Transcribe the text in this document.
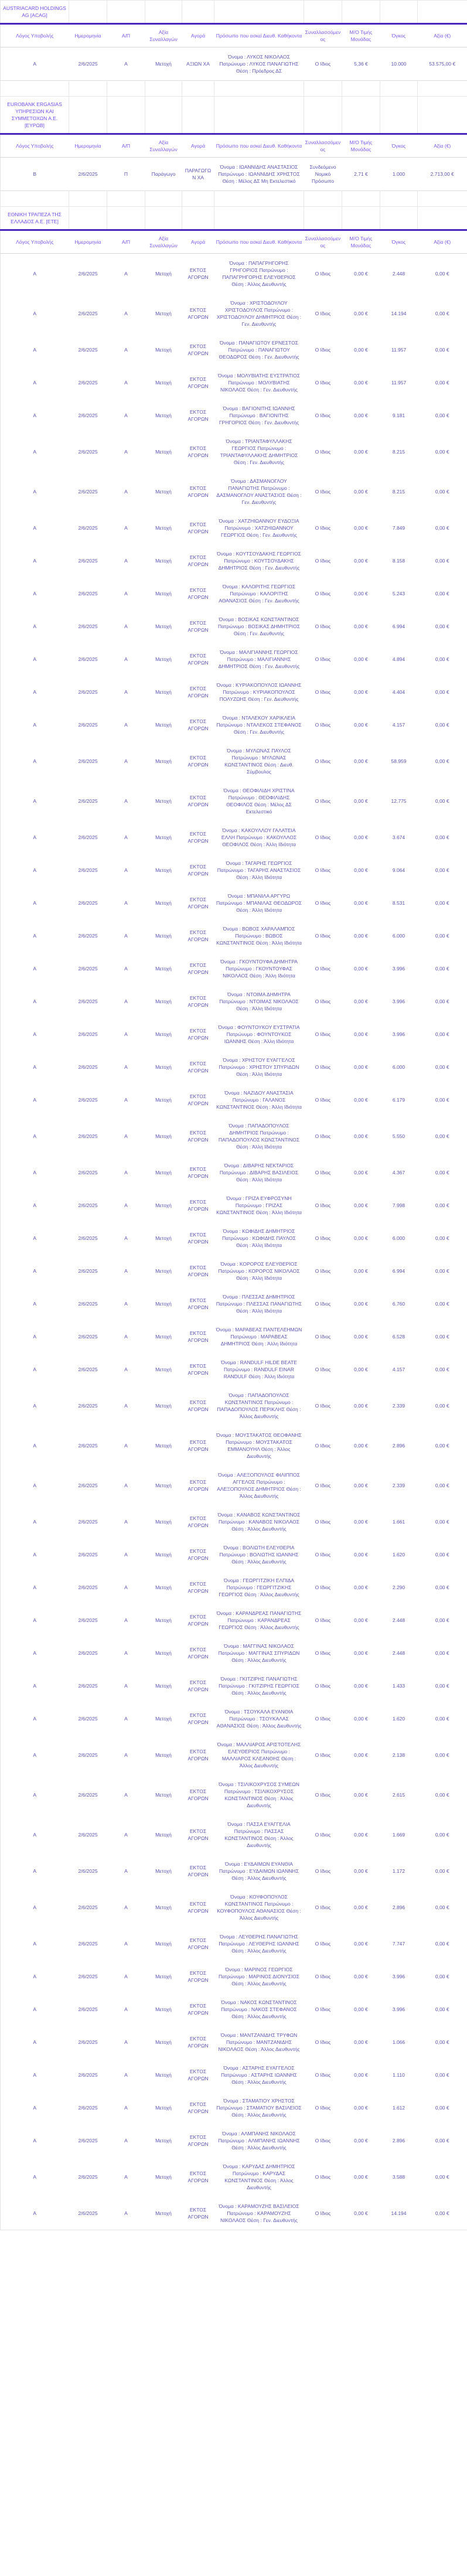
AUSTRIACARD HOLDINGS AG [ACAG]									
Λόγος Υποβολής	Ημερομηνία	Α/Π	Αξία Συναλλαγών	Αγορά	Πρόσωπο που ασκεί Διευθ. Καθήκοντα	Συναλλασσόμενος	Μ/Ο Τιμής Μονάδας	Όγκος	Αξία (€)
Α	2/6/2025	Α	Μετοχή	ΑΞΙΩΝ ΧΑ	Όνομα : ΛΥΚΟΣ ΝΙΚΟΛΑΟΣ Πατρώνυμο : ΛΥΚΟΣ ΠΑΝΑΓΙΩΤΗΣ Θέση : Πρόεδρος ΔΣ	Ο Ιδιος	5,36 €	10.000	53.575,00 €

EUROBANK ERGASIAS ΥΠΗΡΕΣΙΩΝ ΚΑΙ ΣΥΜΜΕΤΟΧΩΝ Α.Ε. [ΕΥΡΩΒ]									
Λόγος Υποβολής	Ημερομηνία	Α/Π	Αξία Συναλλαγών	Αγορά	Πρόσωπο που ασκεί Διευθ. Καθήκοντα	Συναλλασσόμενος	Μ/Ο Τιμής Μονάδας	Όγκος	Αξία (€)
Β	2/6/2025	Π	Παράγωγο	ΠΑΡΑΓΩΓΩΝ ΧΑ	Όνομα : ΙΩΑΝΝΙΔΗΣ ΑΝΑΣΤΑΣΙΟΣ Πατρώνυμο : ΙΩΑΝΝΙΔΗΣ ΧΡΗΣΤΟΣ Θέση : Μέλος ΔΣ Μη Εκτελεστικό	Συνδεόμενο Νομικό Πρόσωπο	2,71 €	1.000	2.713,00 €

ΕΘΝΙΚΗ ΤΡΑΠΕΖΑ ΤΗΣ ΕΛΛΑΔΟΣ Α.Ε. [ΕΤΕ]									
Λόγος Υποβολής	Ημερομηνία	Α/Π	Αξία Συναλλαγών	Αγορά	Πρόσωπο που ασκεί Διευθ. Καθήκοντα	Συναλλασσόμενος	Μ/Ο Τιμής Μονάδας	Όγκος	Αξία (€)
Α	2/6/2025	Α	Μετοχή	ΕΚΤΟΣ ΑΓΟΡΩΝ	Όνομα : ΠΑΠΑΓΡΗΓΟΡΗΣ ΓΡΗΓΟΡΙΟΣ Πατρώνυμο : ΠΑΠΑΓΡΗΓΟΡΗΣ ΕΛΕΥΘΕΡΙΟΣ Θέση : Άλλος Διευθυντής	Ο Ιδιος	0,00 €	2.448	0,00 €
Α	2/6/2025	Α	Μετοχή	ΕΚΤΟΣ ΑΓΟΡΩΝ	Όνομα : ΧΡΙΣΤΟΔΟΥΛΟΥ ΧΡΙΣΤΟΔΟΥΛΟΣ Πατρώνυμο : ΧΡΙΣΤΟΔΟΥΛΟΥ ΔΗΜΗΤΡΙΟΣ Θέση : Γεν. Διευθυντής	Ο Ιδιος	0,00 €	14.194	0,00 €
Α	2/6/2025	Α	Μετοχή	ΕΚΤΟΣ ΑΓΟΡΩΝ	Όνομα : ΠΑΝΑΓΙΩΤΟΥ ΕΡΝΕΣΤΟΣ Πατρώνυμο : ΠΑΝΑΓΙΩΤΟΥ ΘΕΟΔΩΡΟΣ Θέση : Γεν. Διευθυντής	Ο Ιδιος	0,00 €	11.957	0,00 €
Α	2/6/2025	Α	Μετοχή	ΕΚΤΟΣ ΑΓΟΡΩΝ	Όνομα : ΜΟΛΥΒΙΑΤΗΣ ΕΥΣΤΡΑΤΙΟΣ Πατρώνυμο : ΜΟΛΥΒΙΑΤΗΣ ΝΙΚΟΛΑΟΣ Θέση : Γεν. Διευθυντής	Ο Ιδιος	0,00 €	11.957	0,00 €
Α	2/6/2025	Α	Μετοχή	ΕΚΤΟΣ ΑΓΟΡΩΝ	Όνομα : ΒΑΓΙΟΝΙΤΗΣ ΙΩΑΝΝΗΣ Πατρώνυμο : ΒΑΓΙΟΝΙΤΗΣ ΓΡΗΓΟΡΙΟΣ Θέση : Γεν. Διευθυντής	Ο Ιδιος	0,00 €	9.181	0,00 €
Α	2/6/2025	Α	Μετοχή	ΕΚΤΟΣ ΑΓΟΡΩΝ	Όνομα : ΤΡΙΑΝΤΑΦΥΛΛΑΚΗΣ ΓΕΩΡΓΙΟΣ Πατρώνυμο : ΤΡΙΑΝΤΑΦΥΛΛΑΚΗΣ ΔΗΜΗΤΡΙΟΣ Θέση : Γεν. Διευθυντής	Ο Ιδιος	0,00 €	8.215	0,00 €
Α	2/6/2025	Α	Μετοχή	ΕΚΤΟΣ ΑΓΟΡΩΝ	Όνομα : ΔΑΣΜΑΝΟΓΛΟΥ ΠΑΝΑΓΙΩΤΗΣ Πατρώνυμο : ΔΑΣΜΑΝΟΓΛΟΥ ΑΝΑΣΤΑΣΙΟΣ Θέση : Γεν. Διευθυντής	Ο Ιδιος	0,00 €	8.215	0,00 €
Α	2/6/2025	Α	Μετοχή	ΕΚΤΟΣ ΑΓΟΡΩΝ	Όνομα : ΧΑΤΖΗΙΩΑΝΝΟΥ ΕΥΔΟΞΙΑ Πατρώνυμο : ΧΑΤΖΗΙΩΑΝΝΟΥ ΓΕΩΡΓΙΟΣ Θέση : Γεν. Διευθυντής	Ο Ιδιος	0,00 €	7.849	0,00 €
Α	2/6/2025	Α	Μετοχή	ΕΚΤΟΣ ΑΓΟΡΩΝ	Όνομα : ΚΟΥΤΣΟΥΔΑΚΗΣ ΓΕΩΡΓΙΟΣ Πατρώνυμο : ΚΟΥΤΣΟΥΔΑΚΗΣ ΔΗΜΗΤΡΙΟΣ Θέση : Γεν. Διευθυντής	Ο Ιδιος	0,00 €	8.158	0,00 €
Α	2/6/2025	Α	Μετοχή	ΕΚΤΟΣ ΑΓΟΡΩΝ	Όνομα : ΚΑΛΟΡΙΤΗΣ ΓΕΩΡΓΙΟΣ Πατρώνυμο : ΚΑΛΟΡΙΤΗΣ ΑΘΑΝΑΣΙΟΣ Θέση : Γεν. Διευθυντής	Ο Ιδιος	0,00 €	5.243	0,00 €
Α	2/6/2025	Α	Μετοχή	ΕΚΤΟΣ ΑΓΟΡΩΝ	Όνομα : ΒΟΣΙΚΑΣ ΚΩΝΣΤΑΝΤΙΝΟΣ Πατρώνυμο : ΒΟΣΙΚΑΣ ΔΗΜΗΤΡΙΟΣ Θέση : Γεν. Διευθυντής	Ο Ιδιος	0,00 €	6.994	0,00 €
Α	2/6/2025	Α	Μετοχή	ΕΚΤΟΣ ΑΓΟΡΩΝ	Όνομα : ΜΑΛΙΓΙΑΝΝΗΣ ΓΕΩΡΓΙΟΣ Πατρώνυμο : ΜΑΛΙΓΙΑΝΝΗΣ ΔΗΜΗΤΡΙΟΣ Θέση : Γεν. Διευθυντής	Ο Ιδιος	0,00 €	4.894	0,00 €
Α	2/6/2025	Α	Μετοχή	ΕΚΤΟΣ ΑΓΟΡΩΝ	Όνομα : ΚΥΡΙΑΚΟΠΟΥΛΟΣ ΙΩΑΝΝΗΣ Πατρώνυμο : ΚΥΡΙΑΚΟΠΟΥΛΟΣ ΠΟΛΥΖΩΗΣ Θέση : Γεν. Διευθυντής	Ο Ιδιος	0,00 €	4.404	0,00 €
Α	2/6/2025	Α	Μετοχή	ΕΚΤΟΣ ΑΓΟΡΩΝ	Όνομα : ΝΤΑΛΕΚΟΥ ΧΑΡΙΚΛΕΙΑ Πατρώνυμο : ΝΤΑΛΕΚΟΣ ΣΤΕΦΑΝΟΣ Θέση : Γεν. Διευθυντής	Ο Ιδιος	0,00 €	4.157	0,00 €
Α	2/6/2025	Α	Μετοχή	ΕΚΤΟΣ ΑΓΟΡΩΝ	Όνομα : ΜΥΛΩΝΑΣ ΠΑΥΛΟΣ Πατρώνυμο : ΜΥΛΩΝΑΣ ΚΩΝΣΤΑΝΤΙΝΟΣ Θέση : Διευθ. Σύμβουλος	Ο Ιδιος	0,00 €	58.959	0,00 €
Α	2/6/2025	Α	Μετοχή	ΕΚΤΟΣ ΑΓΟΡΩΝ	Όνομα : ΘΕΟΦΙΛΙΔΗ ΧΡΙΣΤΙΝΑ Πατρώνυμο : ΘΕΟΦΙΛΙΔΗΣ ΘΕΟΦΙΛΟΣ Θέση : Μέλος ΔΣ Εκτελεστικό	Ο Ιδιος	0,00 €	12.775	0,00 €
Α	2/6/2025	Α	Μετοχή	ΕΚΤΟΣ ΑΓΟΡΩΝ	Όνομα : ΚΑΚΟΥΛΛΟΥ ΓΑΛΑΤΕΙΑ ΕΛΛΗ Πατρώνυμο : ΚΑΚΟΥΛΛΟΣ ΘΕΟΦΙΛΟΣ Θέση : Άλλη Ιδιότητα	Ο Ιδιος	0,00 €	3.674	0,00 €
Α	2/6/2025	Α	Μετοχή	ΕΚΤΟΣ ΑΓΟΡΩΝ	Όνομα : ΤΑΓΑΡΗΣ ΓΕΩΡΓΙΟΣ Πατρώνυμο : ΤΑΓΑΡΗΣ ΑΝΑΣΤΑΣΙΟΣ Θέση : Άλλη Ιδιότητα	Ο Ιδιος	0,00 €	9.064	0,00 €
Α	2/6/2025	Α	Μετοχή	ΕΚΤΟΣ ΑΓΟΡΩΝ	Όνομα : ΜΠΑΝΙΛΑ ΑΡΓΥΡΩ Πατρώνυμο : ΜΠΑΝΙΛΑΣ ΘΕΟΔΩΡΟΣ Θέση : Άλλη Ιδιότητα	Ο Ιδιος	0,00 €	8.531	0,00 €
Α	2/6/2025	Α	Μετοχή	ΕΚΤΟΣ ΑΓΟΡΩΝ	Όνομα : ΒΩΒΟΣ ΧΑΡΑΛΑΜΠΟΣ Πατρώνυμο : ΒΩΒΟΣ ΚΩΝΣΤΑΝΤΙΝΟΣ Θέση : Άλλη Ιδιότητα	Ο Ιδιος	0,00 €	6.000	0,00 €
Α	2/6/2025	Α	Μετοχή	ΕΚΤΟΣ ΑΓΟΡΩΝ	Όνομα : ΓΚΟΥΝΤΟΥΦΑ ΔΗΜΗΤΡΑ Πατρώνυμο : ΓΚΟΥΝΤΟΥΦΑΣ ΝΙΚΟΛΑΟΣ Θέση : Άλλη Ιδιότητα	Ο Ιδιος	0,00 €	3.996	0,00 €
Α	2/6/2025	Α	Μετοχή	ΕΚΤΟΣ ΑΓΟΡΩΝ	Όνομα : ΝΤΟΙΜΑ ΔΗΜΗΤΡΑ Πατρώνυμο : ΝΤΟΙΜΑΣ ΝΙΚΟΛΑΟΣ Θέση : Άλλη Ιδιότητα	Ο Ιδιος	0,00 €	3.996	0,00 €
Α	2/6/2025	Α	Μετοχή	ΕΚΤΟΣ ΑΓΟΡΩΝ	Όνομα : ΦΟΥΝΤΟΥΚΟΥ ΕΥΣΤΡΑΤΙΑ Πατρώνυμο : ΦΟΥΝΤΟΥΚΟΣ ΙΩΑΝΝΗΣ Θέση : Άλλη Ιδιότητα	Ο Ιδιος	0,00 €	3.996	0,00 €
Α	2/6/2025	Α	Μετοχή	ΕΚΤΟΣ ΑΓΟΡΩΝ	Όνομα : ΧΡΗΣΤΟΥ ΕΥΑΓΓΕΛΟΣ Πατρώνυμο : ΧΡΗΣΤΟΥ ΣΠΥΡΙΔΩΝ Θέση : Άλλη Ιδιότητα	Ο Ιδιος	0,00 €	6.000	0,00 €
Α	2/6/2025	Α	Μετοχή	ΕΚΤΟΣ ΑΓΟΡΩΝ	Όνομα : ΝΑΖΙΔΟΥ ΑΝΑΣΤΑΣΙΑ Πατρώνυμο : ΓΑΛΑΝΟΣ ΚΩΝΣΤΑΝΤΙΝΟΣ Θέση : Άλλη Ιδιότητα	Ο Ιδιος	0,00 €	6.179	0,00 €
Α	2/6/2025	Α	Μετοχή	ΕΚΤΟΣ ΑΓΟΡΩΝ	Όνομα : ΠΑΠΑΔΟΠΟΥΛΟΣ ΔΗΜΗΤΡΙΟΣ Πατρώνυμο : ΠΑΠΑΔΟΠΟΥΛΟΣ ΚΩΝΣΤΑΝΤΙΝΟΣ Θέση : Άλλη Ιδιότητα	Ο Ιδιος	0,00 €	5.550	0,00 €
Α	2/6/2025	Α	Μετοχή	ΕΚΤΟΣ ΑΓΟΡΩΝ	Όνομα : ΔΙΒΑΡΗΣ ΝΕΚΤΑΡΙΟΣ Πατρώνυμο : ΔΙΒΑΡΗΣ ΒΑΣΙΛΕΙΟΣ Θέση : Άλλη Ιδιότητα	Ο Ιδιος	0,00 €	4.367	0,00 €
Α	2/6/2025	Α	Μετοχή	ΕΚΤΟΣ ΑΓΟΡΩΝ	Όνομα : ΓΡΙΖΑ ΕΥΦΡΟΣΥΝΗ Πατρώνυμο : ΓΡΙΖΑΣ ΚΩΝΣΤΑΝΤΙΝΟΣ Θέση : Άλλη Ιδιότητα	Ο Ιδιος	0,00 €	7.998	0,00 €
Α	2/6/2025	Α	Μετοχή	ΕΚΤΟΣ ΑΓΟΡΩΝ	Όνομα : ΚΩΦΙΔΗΣ ΔΗΜΗΤΡΙΟΣ Πατρώνυμο : ΚΩΦΙΔΗΣ ΠΑΥΛΟΣ Θέση : Άλλη Ιδιότητα	Ο Ιδιος	0,00 €	6.000	0,00 €
Α	2/6/2025	Α	Μετοχή	ΕΚΤΟΣ ΑΓΟΡΩΝ	Όνομα : ΚΟΡΟΡΟΣ ΕΛΕΥΘΕΡΙΟΣ Πατρώνυμο : ΚΟΡΟΡΟΣ ΝΙΚΟΛΑΟΣ Θέση : Άλλη Ιδιότητα	Ο Ιδιος	0,00 €	6.994	0,00 €
Α	2/6/2025	Α	Μετοχή	ΕΚΤΟΣ ΑΓΟΡΩΝ	Όνομα : ΠΛΕΣΣΑΣ ΔΗΜΗΤΡΙΟΣ Πατρώνυμο : ΠΛΕΣΣΑΣ ΠΑΝΑΓΙΩΤΗΣ Θέση : Άλλη Ιδιότητα	Ο Ιδιος	0,00 €	6.760	0,00 €
Α	2/6/2025	Α	Μετοχή	ΕΚΤΟΣ ΑΓΟΡΩΝ	Όνομα : ΜΑΡΑΒΕΑΣ ΠΑΝΤΕΛΕΗΜΩΝ Πατρώνυμο : ΜΑΡΑΒΕΑΣ ΔΗΜΗΤΡΙΟΣ Θέση : Άλλη Ιδιότητα	Ο Ιδιος	0,00 €	6.528	0,00 €
Α	2/6/2025	Α	Μετοχή	ΕΚΤΟΣ ΑΓΟΡΩΝ	Όνομα : RANDULF HILDE BEATE Πατρώνυμο : RANDULF EINAR RANDULF Θέση : Άλλη Ιδιότητα	Ο Ιδιος	0,00 €	4.157	0,00 €
Α	2/6/2025	Α	Μετοχή	ΕΚΤΟΣ ΑΓΟΡΩΝ	Όνομα : ΠΑΠΑΔΟΠΟΥΛΟΣ ΚΩΝΣΤΑΝΤΙΝΟΣ Πατρώνυμο : ΠΑΠΑΔΟΠΟΥΛΟΣ ΠΕΡΙΚΛΗΣ Θέση : Άλλος Διευθυντής	Ο Ιδιος	0,00 €	2.339	0,00 €
Α	2/6/2025	Α	Μετοχή	ΕΚΤΟΣ ΑΓΟΡΩΝ	Όνομα : ΜΟΥΣΤΑΚΑΤΟΣ ΘΕΟΦΑΝΗΣ Πατρώνυμο : ΜΟΥΣΤΑΚΑΤΟΣ ΕΜΜΑΝΟΥΗΛ Θέση : Άλλος Διευθυντής	Ο Ιδιος	0,00 €	2.896	0,00 €
Α	2/6/2025	Α	Μετοχή	ΕΚΤΟΣ ΑΓΟΡΩΝ	Όνομα : ΑΛΕΞΟΠΟΥΛΟΣ ΦΙΛΙΠΠΟΣ ΑΓΓΕΛΟΣ Πατρώνυμο : ΑΛΕΞΟΠΟΥΛΟΣ ΔΗΜΗΤΡΙΟΣ Θέση : Άλλος Διευθυντής	Ο Ιδιος	0,00 €	2.339	0,00 €
Α	2/6/2025	Α	Μετοχή	ΕΚΤΟΣ ΑΓΟΡΩΝ	Όνομα : ΚΑΝΑΒΟΣ ΚΩΝΣΤΑΝΤΙΝΟΣ Πατρώνυμο : ΚΑΝΑΒΟΣ ΝΙΚΟΛΑΟΣ Θέση : Άλλος Διευθυντής	Ο Ιδιος	0,00 €	1.661	0,00 €
Α	2/6/2025	Α	Μετοχή	ΕΚΤΟΣ ΑΓΟΡΩΝ	Όνομα : ΒΟΛΙΩΤΗ ΕΛΕΥΘΕΡΙΑ Πατρώνυμο : ΒΟΛΙΩΤΗΣ ΙΩΑΝΝΗΣ Θέση : Άλλος Διευθυντής	Ο Ιδιος	0,00 €	1.620	0,00 €
Α	2/6/2025	Α	Μετοχή	ΕΚΤΟΣ ΑΓΟΡΩΝ	Όνομα : ΓΕΩΡΓΙΤΖΙΚΗ ΕΛΠΙΔΑ Πατρώνυμο : ΓΕΩΡΓΙΤΖΙΚΗΣ ΓΕΩΡΓΙΟΣ Θέση : Άλλος Διευθυντής	Ο Ιδιος	0,00 €	2.290	0,00 €
Α	2/6/2025	Α	Μετοχή	ΕΚΤΟΣ ΑΓΟΡΩΝ	Όνομα : ΚΑΡΑΝΔΡΕΑΣ ΠΑΝΑΓΙΩΤΗΣ Πατρώνυμο : ΚΑΡΑΝΔΡΕΑΣ ΓΕΩΡΓΙΟΣ Θέση : Άλλος Διευθυντής	Ο Ιδιος	0,00 €	2.448	0,00 €
Α	2/6/2025	Α	Μετοχή	ΕΚΤΟΣ ΑΓΟΡΩΝ	Όνομα : ΜΑΓΓΙΝΑΣ ΝΙΚΟΛΑΟΣ Πατρώνυμο : ΜΑΓΓΙΝΑΣ ΣΠΥΡΙΔΩΝ Θέση : Άλλος Διευθυντής	Ο Ιδιος	0,00 €	2.448	0,00 €
Α	2/6/2025	Α	Μετοχή	ΕΚΤΟΣ ΑΓΟΡΩΝ	Όνομα : ΓΚΙΤΖΙΡΗΣ ΠΑΝΑΓΙΩΤΗΣ Πατρώνυμο : ΓΚΙΤΖΙΡΗΣ ΓΕΩΡΓΙΟΣ Θέση : Άλλος Διευθυντής	Ο Ιδιος	0,00 €	1.433	0,00 €
Α	2/6/2025	Α	Μετοχή	ΕΚΤΟΣ ΑΓΟΡΩΝ	Όνομα : ΤΣΟΥΚΑΛΑ ΕΥΑΝΘΙΑ Πατρώνυμο : ΤΣΟΥΚΑΛΑΣ ΑΘΑΝΑΣΙΟΣ Θέση : Άλλος Διευθυντής	Ο Ιδιος	0,00 €	1.620	0,00 €
Α	2/6/2025	Α	Μετοχή	ΕΚΤΟΣ ΑΓΟΡΩΝ	Όνομα : ΜΑΛΛΙΑΡΟΣ ΑΡΙΣΤΟΤΕΛΗΣ ΕΛΕΥΘΕΡΙΟΣ Πατρώνυμο : ΜΑΛΛΙΑΡΟΣ ΚΛΕΑΝΘΗΣ Θέση : Άλλος Διευθυντής	Ο Ιδιος	0,00 €	2.138	0,00 €
Α	2/6/2025	Α	Μετοχή	ΕΚΤΟΣ ΑΓΟΡΩΝ	Όνομα : ΤΣΙΛΙΚΟΧΡΥΣΟΣ ΣΥΜΕΩΝ Πατρώνυμο : ΤΣΙΛΙΚΟΧΡΥΣΟΣ ΚΩΝΣΤΑΝΤΙΝΟΣ Θέση : Άλλος Διευθυντής	Ο Ιδιος	0,00 €	2.615	0,00 €
Α	2/6/2025	Α	Μετοχή	ΕΚΤΟΣ ΑΓΟΡΩΝ	Όνομα : ΠΑΣΣΑ ΕΥΑΓΓΕΛΙΑ Πατρώνυμο : ΠΑΣΣΑΣ ΚΩΝΣΤΑΝΤΙΝΟΣ Θέση : Άλλος Διευθυντής	Ο Ιδιος	0,00 €	1.669	0,00 €
Α	2/6/2025	Α	Μετοχή	ΕΚΤΟΣ ΑΓΟΡΩΝ	Όνομα : ΕΥΔΑΙΜΩΝ ΕΥΑΝΘΙΑ Πατρώνυμο : ΕΥΔΑΙΜΩΝ ΙΩΑΝΝΗΣ Θέση : Άλλος Διευθυντής	Ο Ιδιος	0,00 €	1.172	0,00 €
Α	2/6/2025	Α	Μετοχή	ΕΚΤΟΣ ΑΓΟΡΩΝ	Όνομα : ΚΟΥΦΟΠΟΥΛΟΣ ΚΩΝΣΤΑΝΤΙΝΟΣ Πατρώνυμο : ΚΟΥΦΟΠΟΥΛΟΣ ΑΘΑΝΑΣΙΟΣ Θέση : Άλλος Διευθυντής	Ο Ιδιος	0,00 €	2.896	0,00 €
Α	2/6/2025	Α	Μετοχή	ΕΚΤΟΣ ΑΓΟΡΩΝ	Όνομα : ΛΕΥΘΕΡΗΣ ΠΑΝΑΓΙΩΤΗΣ Πατρώνυμο : ΛΕΥΘΕΡΗΣ ΙΩΑΝΝΗΣ Θέση : Άλλος Διευθυντής	Ο Ιδιος	0,00 €	7.747	0,00 €
Α	2/6/2025	Α	Μετοχή	ΕΚΤΟΣ ΑΓΟΡΩΝ	Όνομα : ΜΑΡΙΝΟΣ ΓΕΩΡΓΙΟΣ Πατρώνυμο : ΜΑΡΙΝΟΣ ΔΙΟΝΥΣΙΟΣ Θέση : Άλλος Διευθυντής	Ο Ιδιος	0,00 €	3.996	0,00 €
Α	2/6/2025	Α	Μετοχή	ΕΚΤΟΣ ΑΓΟΡΩΝ	Όνομα : ΝΑΚΟΣ ΚΩΝΣΤΑΝΤΙΝΟΣ Πατρώνυμο : ΝΑΚΟΣ ΣΤΕΦΑΝΟΣ Θέση : Άλλος Διευθυντής	Ο Ιδιος	0,00 €	3.996	0,00 €
Α	2/6/2025	Α	Μετοχή	ΕΚΤΟΣ ΑΓΟΡΩΝ	Όνομα : ΜΑΝΤΖΑΝΙΔΗΣ ΤΡΥΦΩΝ Πατρώνυμο : ΜΑΝΤΖΑΝΙΔΗΣ ΝΙΚΟΛΑΟΣ Θέση : Άλλος Διευθυντής	Ο Ιδιος	0,00 €	1.066	0,00 €
Α	2/6/2025	Α	Μετοχή	ΕΚΤΟΣ ΑΓΟΡΩΝ	Όνομα : ΑΣΤΑΡΗΣ ΕΥΑΓΓΕΛΟΣ Πατρώνυμο : ΑΣΤΑΡΗΣ ΙΩΑΝΝΗΣ Θέση : Άλλος Διευθυντής	Ο Ιδιος	0,00 €	1.110	0,00 €
Α	2/6/2025	Α	Μετοχή	ΕΚΤΟΣ ΑΓΟΡΩΝ	Όνομα : ΣΤΑΜΑΤΙΟΥ ΧΡΗΣΤΟΣ Πατρώνυμο : ΣΤΑΜΑΤΙΟΥ ΒΑΣΙΛΕΙΟΣ Θέση : Άλλος Διευθυντής	Ο Ιδιος	0,00 €	1.612	0,00 €
Α	2/6/2025	Α	Μετοχή	ΕΚΤΟΣ ΑΓΟΡΩΝ	Όνομα : ΑΛΜΠΑΝΗΣ ΝΙΚΟΛΑΟΣ Πατρώνυμο : ΑΛΜΠΑΝΗΣ ΙΩΑΝΝΗΣ Θέση : Άλλος Διευθυντής	Ο Ιδιος	0,00 €	2.896	0,00 €
Α	2/6/2025	Α	Μετοχή	ΕΚΤΟΣ ΑΓΟΡΩΝ	Όνομα : ΚΑΡΥΔΑΣ ΔΗΜΗΤΡΙΟΣ Πατρώνυμο : ΚΑΡΥΔΑΣ ΚΩΝΣΤΑΝΤΙΝΟΣ Θέση : Άλλος Διευθυντής	Ο Ιδιος	0,00 €	3.588	0,00 €
Α	2/6/2025	Α	Μετοχή	ΕΚΤΟΣ ΑΓΟΡΩΝ	Όνομα : ΚΑΡΑΜΟΥΖΗΣ ΒΑΣΙΛΕΙΟΣ Πατρώνυμο : ΚΑΡΑΜΟΥΖΗΣ ΝΙΚΟΛΑΟΣ Θέση : Γεν. Διευθυντής	Ο Ιδιος	0,00 €	14.194	0,00 €
